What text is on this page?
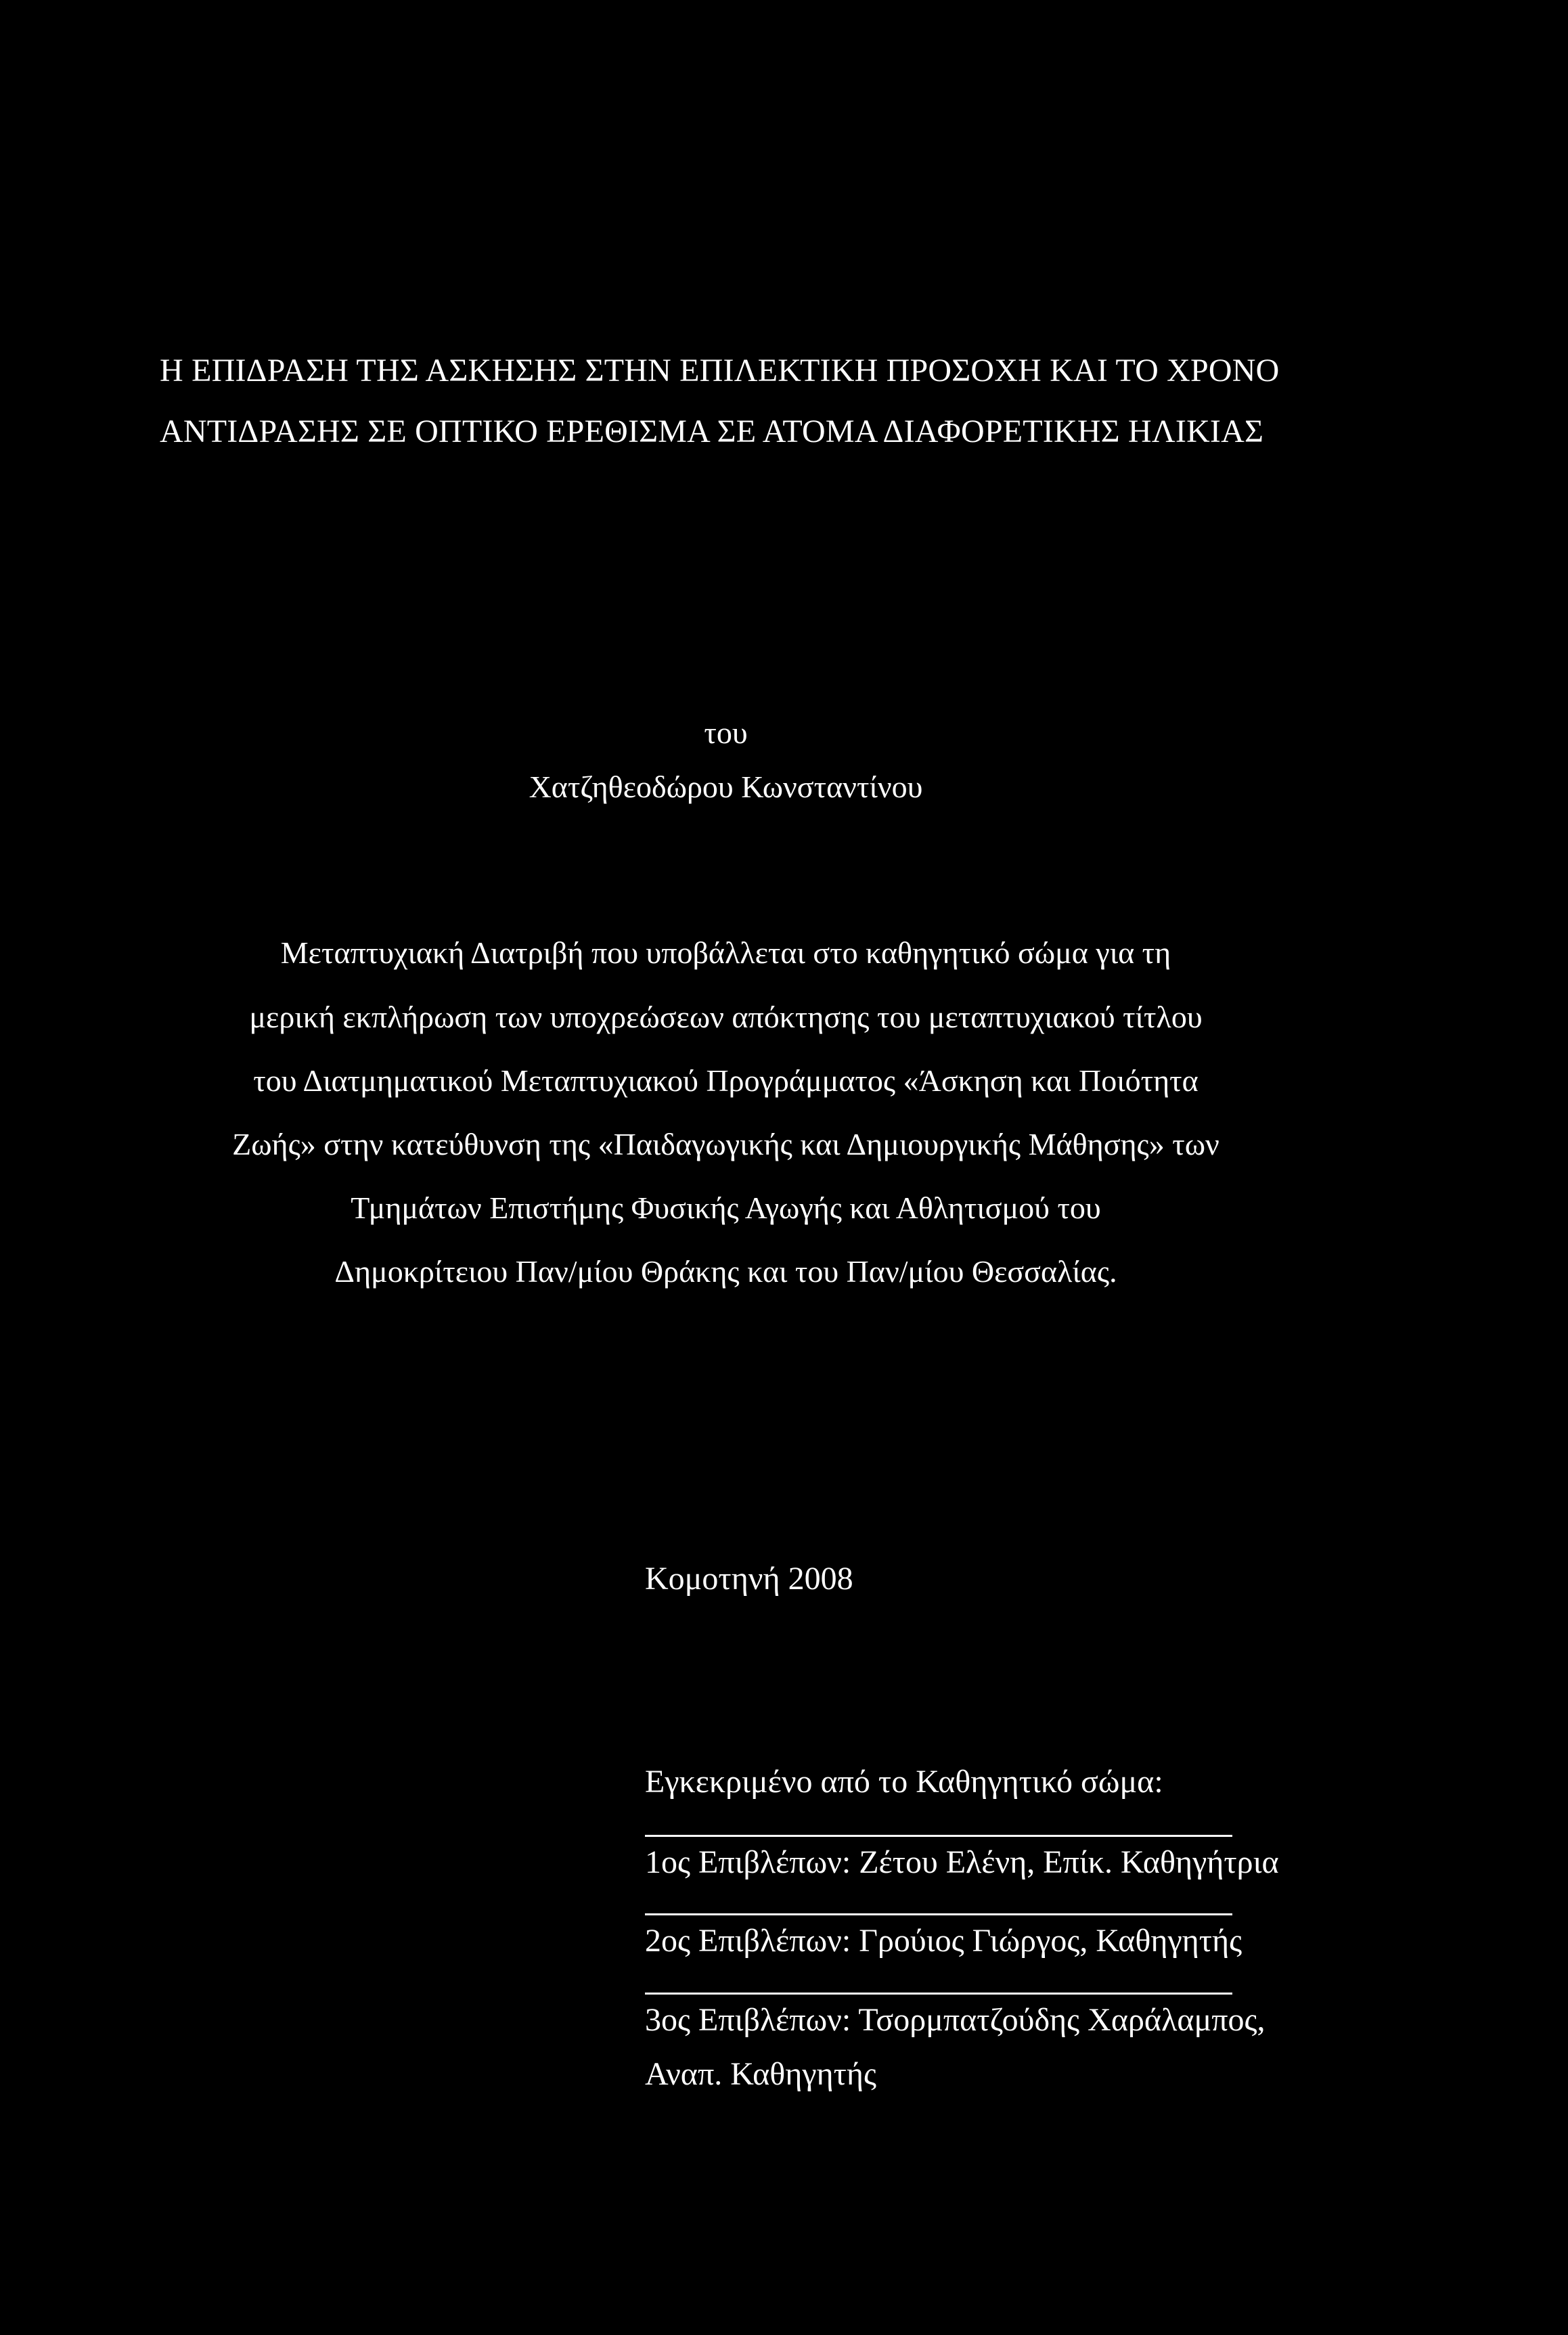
Η ΕΠΙΔΡΑΣΗ ΤΗΣ ΑΣΚΗΣΗΣ ΣΤΗΝ ΕΠΙΛΕΚΤΙΚΗ ΠΡΟΣΟΧΗ ΚΑΙ ΤΟ ΧΡΟΝΟ
ΑΝΤΙΔΡΑΣΗΣ ΣΕ ΟΠΤΙΚΟ ΕΡΕΘΙΣΜΑ ΣΕ ΑΤΟΜΑ ΔΙΑΦΟΡΕΤΙΚΗΣ ΗΛΙΚΙΑΣ
του
Χατζηθεοδώρου Κωνσταντίνου
Μεταπτυχιακή Διατριβή που υποβάλλεται στο καθηγητικό σώμα για τη
μερική εκπλήρωση των υποχρεώσεων απόκτησης του μεταπτυχιακού τίτλου
του Διατμηματικού Μεταπτυχιακού Προγράμματος «Άσκηση και Ποιότητα
Ζωής» στην κατεύθυνση της «Παιδαγωγικής και Δημιουργικής Μάθησης» των
Τμημάτων Επιστήμης Φυσικής Αγωγής και Αθλητισμού του
Δημοκρίτειου Παν/μίου Θράκης και του Παν/μίου Θεσσαλίας.
Κομοτηνή 2008
Εγκεκριμένο από το Καθηγητικό σώμα:
1ος Επιβλέπων: Ζέτου Ελένη, Επίκ. Καθηγήτρια
2ος Επιβλέπων: Γρούιος Γιώργος, Καθηγητής
3ος Επιβλέπων: Τσορμπατζούδης Χαράλαμπος,
Αναπ. Καθηγητής
